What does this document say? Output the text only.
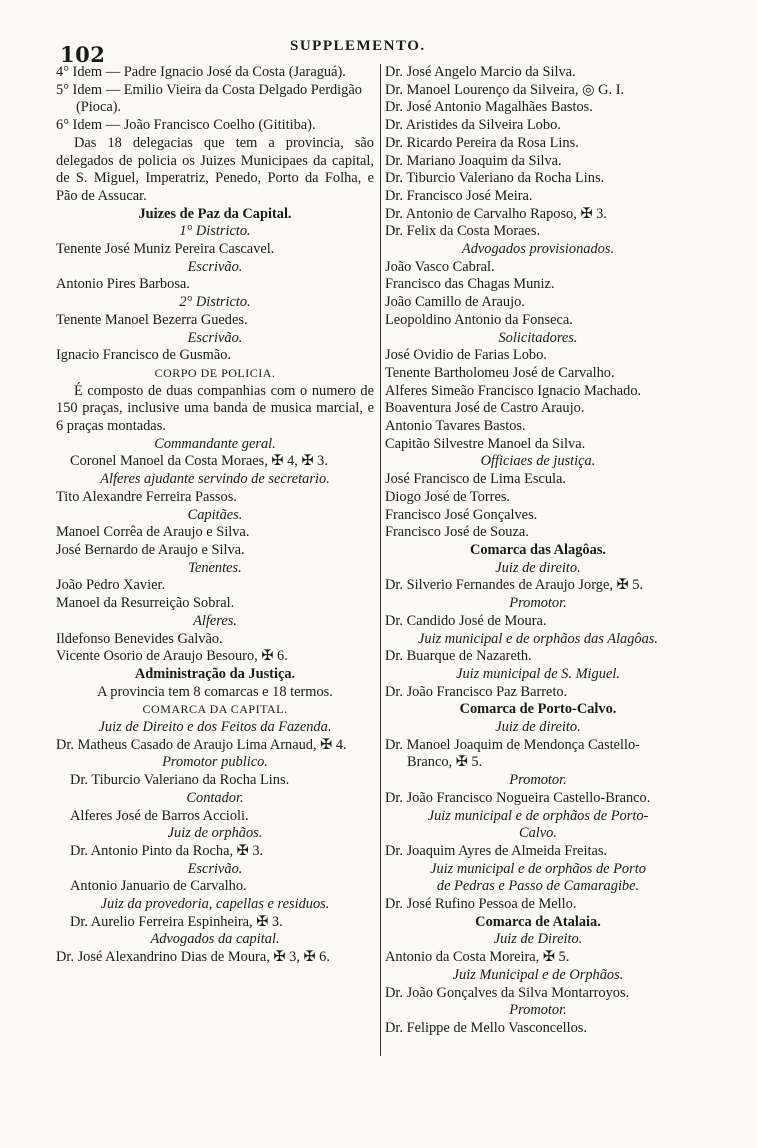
102	SUPPLEMENTO.
4° Idem — Padre Ignacio José da Costa (Jaraguá).
5° Idem — Emilio Vieira da Costa Delgado Perdigão (Pioca).
6° Idem — João Francisco Coelho (Gititiba).
Das 18 delegacias que tem a provincia, são delegados de policia os Juizes Municipaes da capital, de S. Miguel, Imperatriz, Penedo, Porto da Folha, e Pão de Assucar.
Juizes de Paz da Capital.
1° Districto.
Tenente José Muniz Pereira Cascavel.
Escrivão.
Antonio Pires Barbosa.
2° Districto.
Tenente Manoel Bezerra Guedes.
Escrivão.
Ignacio Francisco de Gusmão.
CORPO DE POLICIA.
É composto de duas companhias com o numero de 150 praças, inclusive uma banda de musica marcial, e 6 praças montadas.
Commandante geral.
Coronel Manoel da Costa Moraes, ✠ 4, ✠ 3.
Alferes ajudante servindo de secretario.
Tito Alexandre Ferreira Passos.
Capitães.
Manoel Corrêa de Araujo e Silva.
José Bernardo de Araujo e Silva.
Tenentes.
João Pedro Xavier.
Manoel da Resurreição Sobral.
Alferes.
Ildefonso Benevides Galvão.
Vicente Osorio de Araujo Besouro, ✠ 6.
Administração da Justiça.
A provincia tem 8 comarcas e 18 termos.
COMARCA DA CAPITAL.
Juiz de Direito e dos Feitos da Fazenda.
Dr. Matheus Casado de Araujo Lima Arnaud, ✠ 4.
Promotor publico.
Dr. Tiburcio Valeriano da Rocha Lins.
Contador.
Alferes José de Barros Accioli.
Juiz de orphãos.
Dr. Antonio Pinto da Rocha, ✠ 3.
Escrivão.
Antonio Januario de Carvalho.
Juiz da provedoria, capellas e residuos.
Dr. Aurelio Ferreira Espinheira, ✠ 3.
Advogados da capital.
Dr. José Alexandrino Dias de Moura, ✠ 3, ✠ 6.
Dr. José Angelo Marcio da Silva.
Dr. Manoel Lourenço da Silveira, ◎ G. I.
Dr. José Antonio Magalhães Bastos.
Dr. Aristides da Silveira Lobo.
Dr. Ricardo Pereira da Rosa Lins.
Dr. Mariano Joaquim da Silva.
Dr. Tiburcio Valeriano da Rocha Lins.
Dr. Francisco José Meira.
Dr. Antonio de Carvalho Raposo, ✠ 3.
Dr. Felix da Costa Moraes.
Advogados provisionados.
João Vasco Cabral.
Francisco das Chagas Muniz.
João Camillo de Araujo.
Leopoldino Antonio da Fonseca.
Solicitadores.
José Ovidio de Farias Lobo.
Tenente Bartholomeu José de Carvalho.
Alferes Simeão Francisco Ignacio Machado.
Boaventura José de Castro Araujo.
Antonio Tavares Bastos.
Capitão Silvestre Manoel da Silva.
Officiaes de justiça.
José Francisco de Lima Escula.
Diogo José de Torres.
Francisco José Gonçalves.
Francisco José de Souza.
Comarca das Alagôas.
Juiz de direito.
Dr. Silverio Fernandes de Araujo Jorge, ✠ 5.
Promotor.
Dr. Candido José de Moura.
Juiz municipal e de orphãos das Alagôas.
Dr. Buarque de Nazareth.
Juiz municipal de S. Miguel.
Dr. João Francisco Paz Barreto.
Comarca de Porto-Calvo.
Juiz de direito.
Dr. Manoel Joaquim de Mendonça Castello-
Branco, ✠ 5.
Promotor.
Dr. João Francisco Nogueira Castello-Branco.
Juiz municipal e de orphãos de Porto-
Calvo.
Dr. Joaquim Ayres de Almeida Freitas.
Juiz municipal e de orphãos de Porto
de Pedras e Passo de Camaragibe.
Dr. José Rufino Pessoa de Mello.
Comarca de Atalaia.
Juiz de Direito.
Antonio da Costa Moreira, ✠ 5.
Juiz Municipal e de Orphãos.
Dr. João Gonçalves da Silva Montarroyos.
Promotor.
Dr. Felippe de Mello Vasconcellos.
